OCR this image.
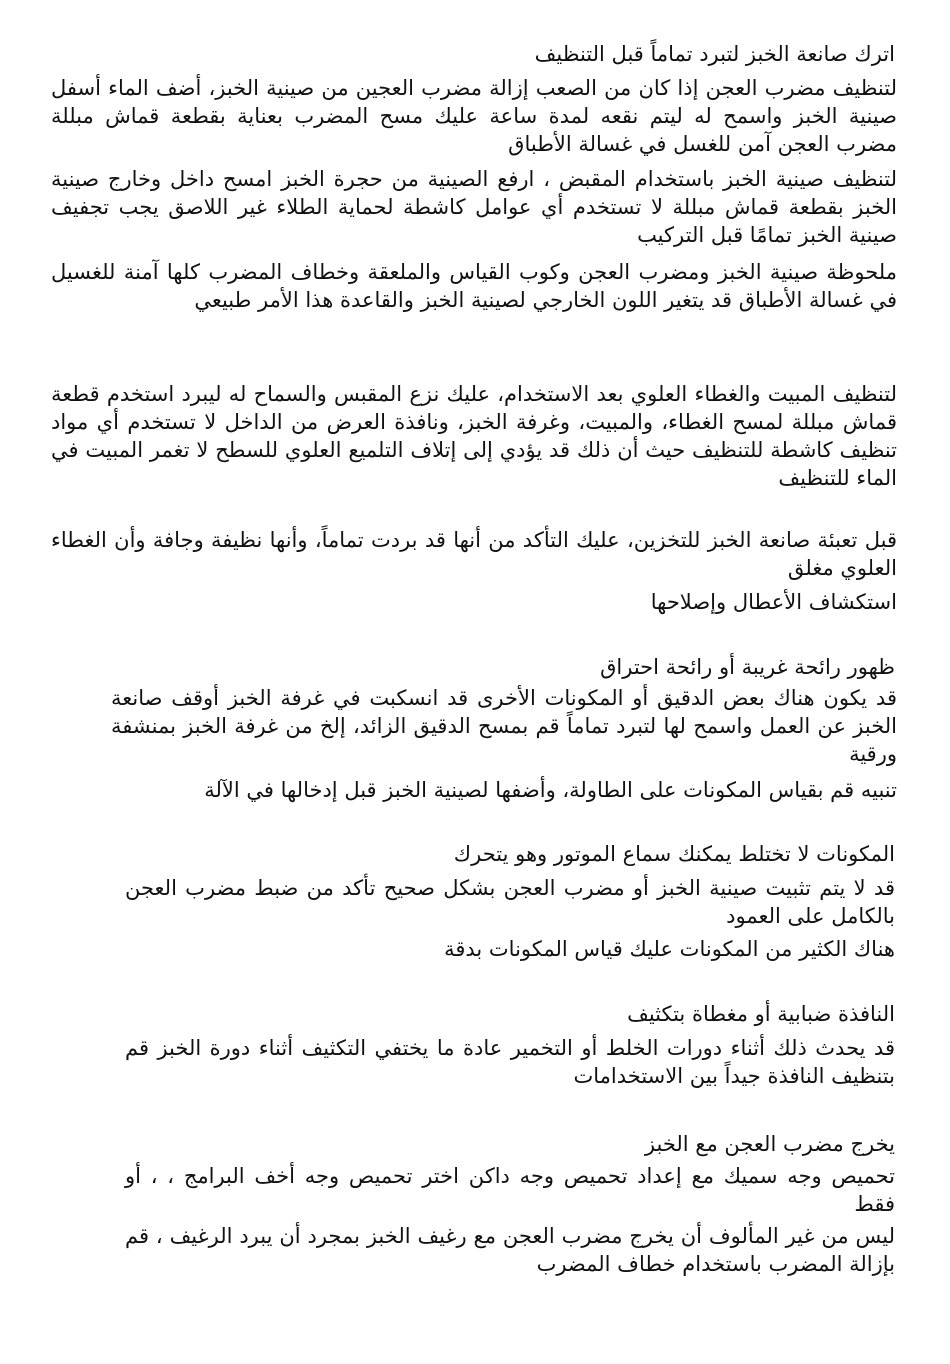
اترك صانعة الخبز لتبرد تماماً قبل التنظيف

لتنظيف مضرب العجن إذا كان من الصعب إزالة مضرب العجين من صينية الخبز، أضف الماء أسفل صينية الخبز واسمح له ليتم نقعه لمدة ساعة عليك مسح المضرب بعناية بقطعة قماش مبللة مضرب العجن آمن للغسل في غسالة الأطباق

لتنظيف صينية الخبز باستخدام المقبض ، ارفع الصينية من حجرة الخبز امسح داخل وخارج صينية الخبز بقطعة قماش مبللة لا تستخدم أي عوامل كاشطة لحماية الطلاء غير اللاصق يجب تجفيف صينية الخبز تمامًا قبل التركيب

ملحوظة صينية الخبز ومضرب العجن وكوب القياس والملعقة وخطاف المضرب كلها آمنة للغسيل في غسالة الأطباق قد يتغير اللون الخارجي لصينية الخبز والقاعدة هذا الأمر طبيعي

لتنظيف المبيت والغطاء العلوي بعد الاستخدام، عليك نزع المقبس والسماح له ليبرد استخدم قطعة قماش مبللة لمسح الغطاء، والمبيت، وغرفة الخبز، ونافذة العرض من الداخل لا تستخدم أي مواد تنظيف كاشطة للتنظيف حيث أن ذلك قد يؤدي إلى إتلاف التلميع العلوي للسطح لا تغمر المبيت في الماء للتنظيف

قبل تعبئة صانعة الخبز للتخزين، عليك التأكد من أنها قد بردت تماماً، وأنها نظيفة وجافة وأن الغطاء العلوي مغلق

استكشاف الأعطال وإصلاحها

ظهور رائحة غريبة أو رائحة احتراق

قد يكون هناك بعض الدقيق أو المكونات الأخرى قد انسكبت في غرفة الخبز أوقف صانعة الخبز عن العمل واسمح لها لتبرد تماماً قم بمسح الدقيق الزائد، إلخ من غرفة الخبز بمنشفة ورقية

تنبيه قم بقياس المكونات على الطاولة، وأضفها لصينية الخبز قبل إدخالها في الآلة

المكونات لا تختلط يمكنك سماع الموتور وهو يتحرك

قد لا يتم تثبيت صينية الخبز أو مضرب العجن بشكل صحيح تأكد من ضبط مضرب العجن بالكامل على العمود

هناك الكثير من المكونات عليك قياس المكونات بدقة

النافذة ضبابية أو مغطاة بتكثيف

قد يحدث ذلك أثناء دورات الخلط أو التخمير عادة ما يختفي التكثيف أثناء دورة الخبز قم بتنظيف النافذة جيداً بين الاستخدامات

يخرج مضرب العجن مع الخبز

تحميص وجه سميك مع إعداد تحميص وجه داكن اختر تحميص وجه أخف البرامج ، ، أو فقط

ليس من غير المألوف أن يخرج مضرب العجن مع رغيف الخبز بمجرد أن يبرد الرغيف ، قم بإزالة المضرب باستخدام خطاف المضرب
